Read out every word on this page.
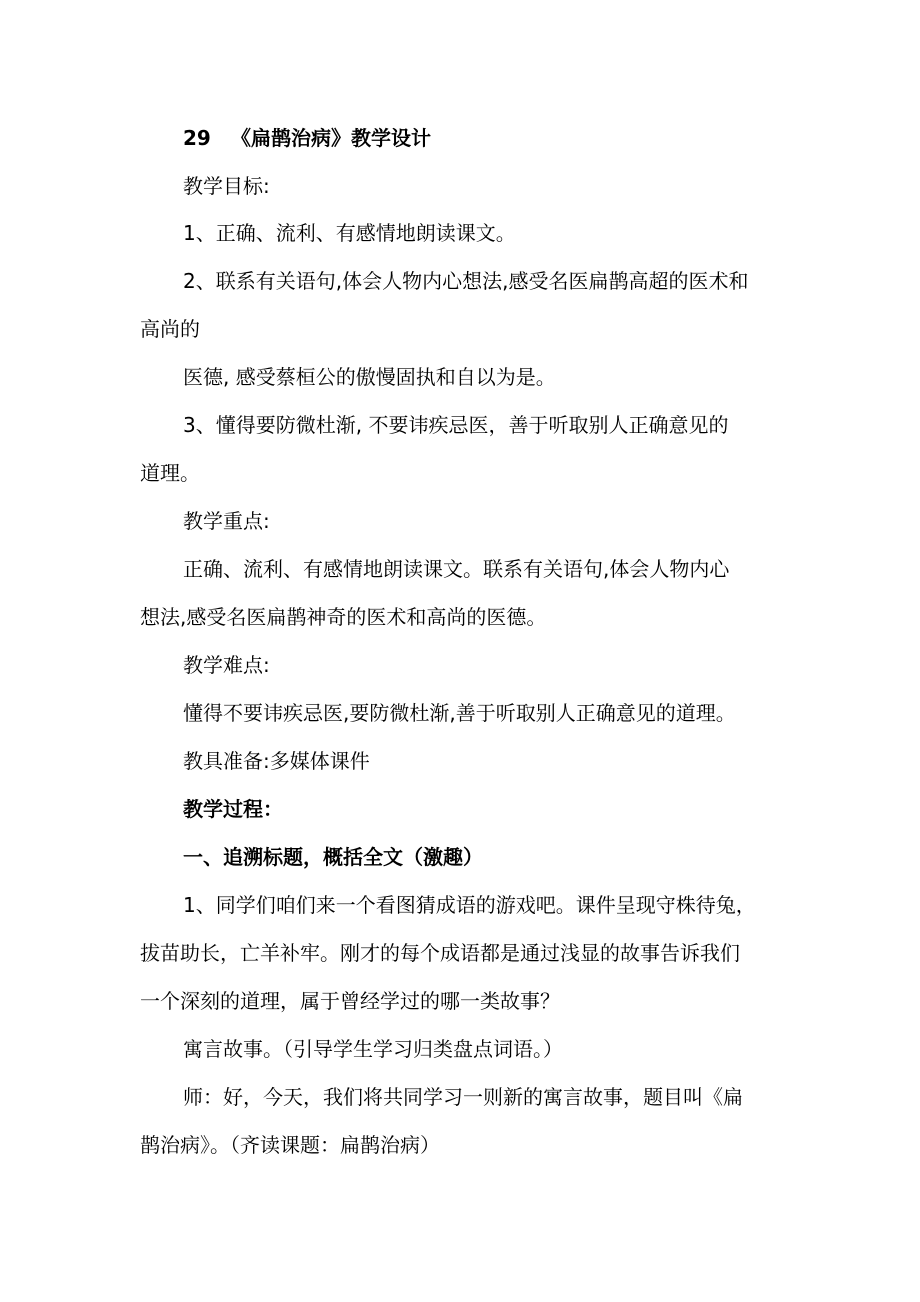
29 《扁鹊治病》教学设计
教学目标:
1、正确、流利、有感情地朗读课文。
2、联系有关语句,体会人物内心想法,感受名医扁鹊高超的医术和
高尚的
医德, 感受蔡桓公的傲慢固执和自以为是。
3、懂得要防微杜渐, 不要讳疾忌医，善于听取别人正确意见的
道理。
教学重点:
正确、流利、有感情地朗读课文。联系有关语句,体会人物内心
想法,感受名医扁鹊神奇的医术和高尚的医德。
教学难点:
懂得不要讳疾忌医,要防微杜渐,善于听取别人正确意见的道理。
教具准备:多媒体课件
教学过程：
一、追溯标题，概括全文（激趣）
1、同学们咱们来一个看图猜成语的游戏吧。课件呈现守株待兔，
拔苗助长，亡羊补牢。刚才的每个成语都是通过浅显的故事告诉我们
一个深刻的道理，属于曾经学过的哪一类故事？
寓言故事。（引导学生学习归类盘点词语。）
师：好，今天，我们将共同学习一则新的寓言故事，题目叫《扁
鹊治病》。（齐读课题：扁鹊治病）
